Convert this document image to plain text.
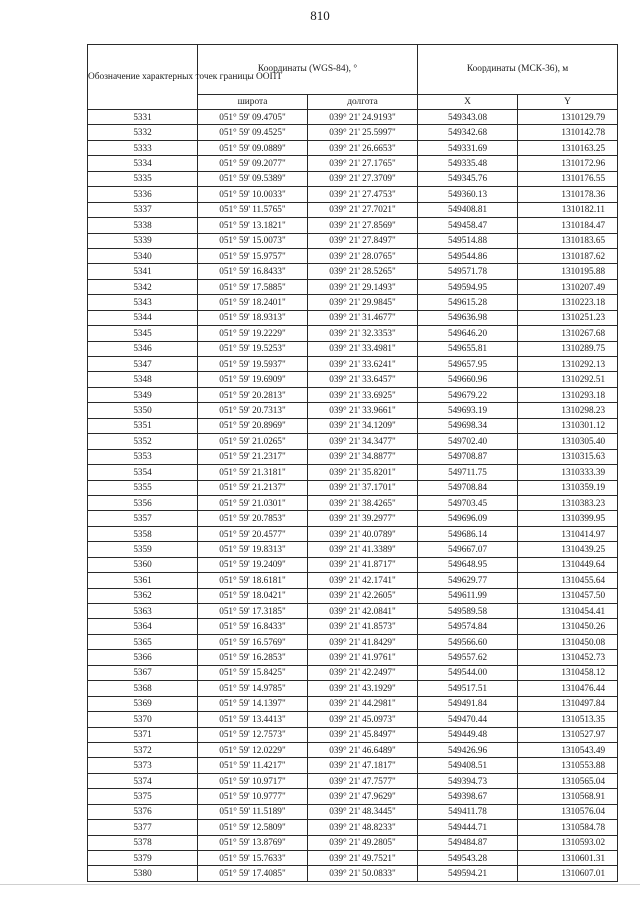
810
Обозначение характерных точек границы ООПТ	Координаты (WGS-84), °		Координаты (МСК-36), м	
	широта	долгота	X	Y
5331	051° 59' 09.4705"	039° 21' 24.9193"	549343.08	1310129.79
5332	051° 59' 09.4525"	039° 21' 25.5997"	549342.68	1310142.78
5333	051° 59' 09.0889"	039° 21' 26.6653"	549331.69	1310163.25
5334	051° 59' 09.2077"	039° 21' 27.1765"	549335.48	1310172.96
5335	051° 59' 09.5389"	039° 21' 27.3709"	549345.76	1310176.55
5336	051° 59' 10.0033"	039° 21' 27.4753"	549360.13	1310178.36
5337	051° 59' 11.5765"	039° 21' 27.7021"	549408.81	1310182.11
5338	051° 59' 13.1821"	039° 21' 27.8569"	549458.47	1310184.47
5339	051° 59' 15.0073"	039° 21' 27.8497"	549514.88	1310183.65
5340	051° 59' 15.9757"	039° 21' 28.0765"	549544.86	1310187.62
5341	051° 59' 16.8433"	039° 21' 28.5265"	549571.78	1310195.88
5342	051° 59' 17.5885"	039° 21' 29.1493"	549594.95	1310207.49
5343	051° 59' 18.2401"	039° 21' 29.9845"	549615.28	1310223.18
5344	051° 59' 18.9313"	039° 21' 31.4677"	549636.98	1310251.23
5345	051° 59' 19.2229"	039° 21' 32.3353"	549646.20	1310267.68
5346	051° 59' 19.5253"	039° 21' 33.4981"	549655.81	1310289.75
5347	051° 59' 19.5937"	039° 21' 33.6241"	549657.95	1310292.13
5348	051° 59' 19.6909"	039° 21' 33.6457"	549660.96	1310292.51
5349	051° 59' 20.2813"	039° 21' 33.6925"	549679.22	1310293.18
5350	051° 59' 20.7313"	039° 21' 33.9661"	549693.19	1310298.23
5351	051° 59' 20.8969"	039° 21' 34.1209"	549698.34	1310301.12
5352	051° 59' 21.0265"	039° 21' 34.3477"	549702.40	1310305.40
5353	051° 59' 21.2317"	039° 21' 34.8877"	549708.87	1310315.63
5354	051° 59' 21.3181"	039° 21' 35.8201"	549711.75	1310333.39
5355	051° 59' 21.2137"	039° 21' 37.1701"	549708.84	1310359.19
5356	051° 59' 21.0301"	039° 21' 38.4265"	549703.45	1310383.23
5357	051° 59' 20.7853"	039° 21' 39.2977"	549696.09	1310399.95
5358	051° 59' 20.4577"	039° 21' 40.0789"	549686.14	1310414.97
5359	051° 59' 19.8313"	039° 21' 41.3389"	549667.07	1310439.25
5360	051° 59' 19.2409"	039° 21' 41.8717"	549648.95	1310449.64
5361	051° 59' 18.6181"	039° 21' 42.1741"	549629.77	1310455.64
5362	051° 59' 18.0421"	039° 21' 42.2605"	549611.99	1310457.50
5363	051° 59' 17.3185"	039° 21' 42.0841"	549589.58	1310454.41
5364	051° 59' 16.8433"	039° 21' 41.8573"	549574.84	1310450.26
5365	051° 59' 16.5769"	039° 21' 41.8429"	549566.60	1310450.08
5366	051° 59' 16.2853"	039° 21' 41.9761"	549557.62	1310452.73
5367	051° 59' 15.8425"	039° 21' 42.2497"	549544.00	1310458.12
5368	051° 59' 14.9785"	039° 21' 43.1929"	549517.51	1310476.44
5369	051° 59' 14.1397"	039° 21' 44.2981"	549491.84	1310497.84
5370	051° 59' 13.4413"	039° 21' 45.0973"	549470.44	1310513.35
5371	051° 59' 12.7573"	039° 21' 45.8497"	549449.48	1310527.97
5372	051° 59' 12.0229"	039° 21' 46.6489"	549426.96	1310543.49
5373	051° 59' 11.4217"	039° 21' 47.1817"	549408.51	1310553.88
5374	051° 59' 10.9717"	039° 21' 47.7577"	549394.73	1310565.04
5375	051° 59' 10.9777"	039° 21' 47.9629"	549398.67	1310568.91
5376	051° 59' 11.5189"	039° 21' 48.3445"	549411.78	1310576.04
5377	051° 59' 12.5809"	039° 21' 48.8233"	549444.71	1310584.78
5378	051° 59' 13.8769"	039° 21' 49.2805"	549484.87	1310593.02
5379	051° 59' 15.7633"	039° 21' 49.7521"	549543.28	1310601.31
5380	051° 59' 17.4085"	039° 21' 50.0833"	549594.21	1310607.01
